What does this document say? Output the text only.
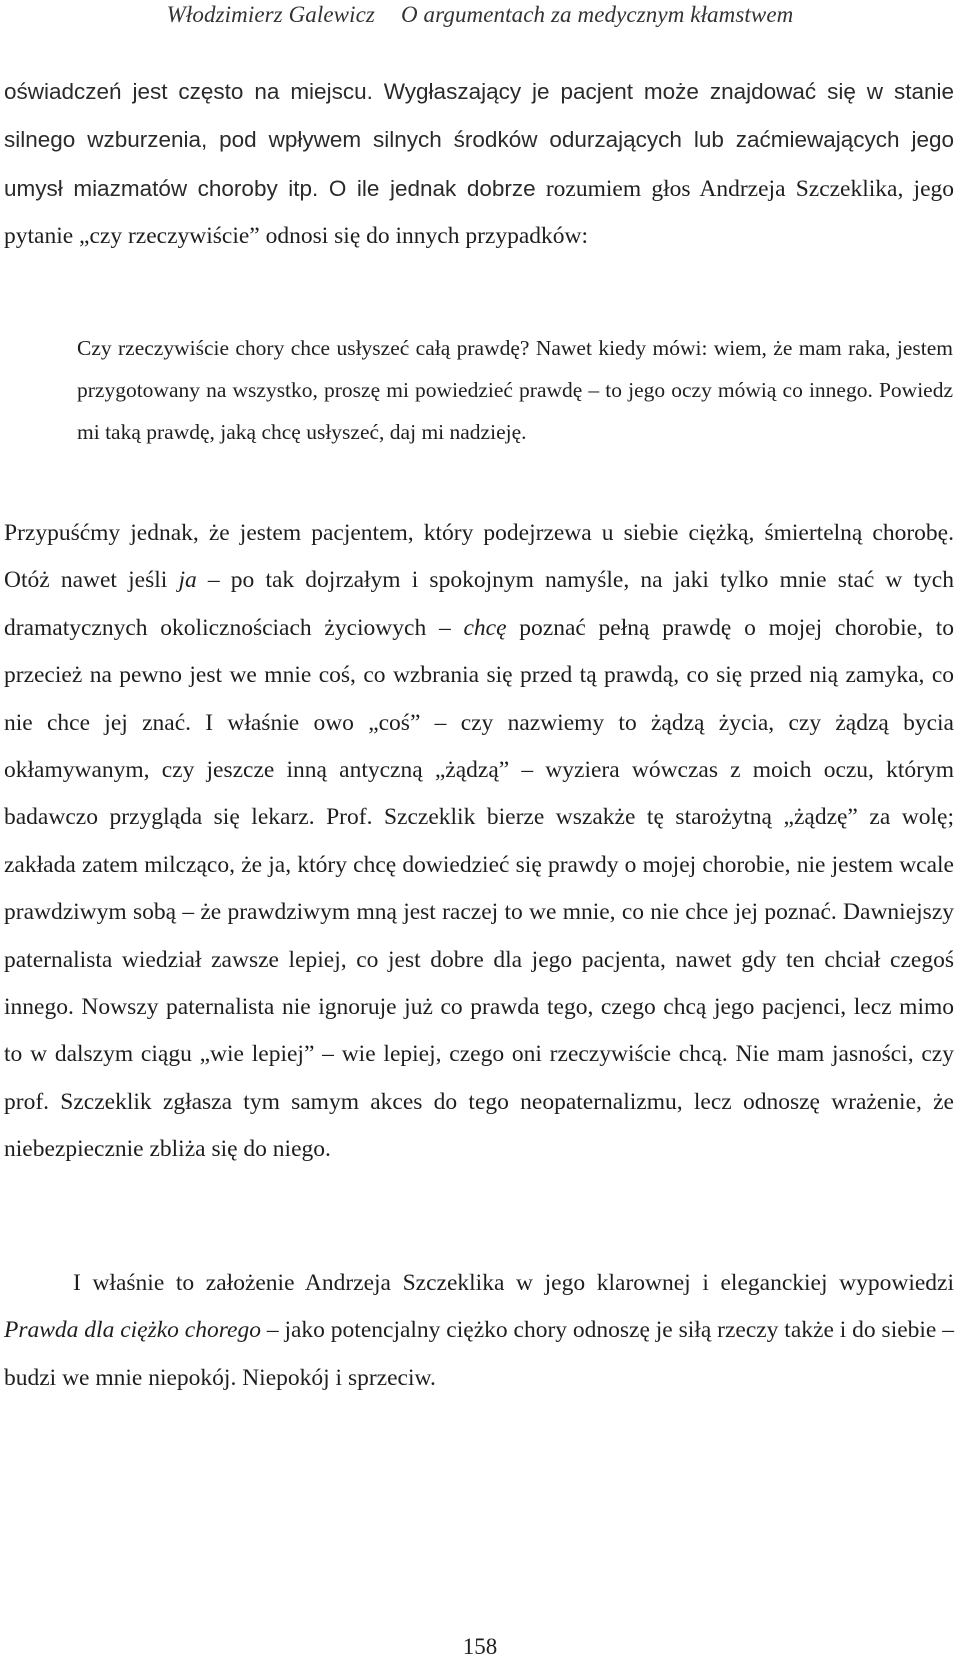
Włodzimierz Galewicz O argumentach za medycznym kłamstwem

oświadczeń jest często na miejscu. Wygłaszający je pacjent może znajdować się w stanie silnego wzburzenia, pod wpływem silnych środków odurzających lub zaćmiewających jego umysł miazmatów choroby itp. O ile jednak dobrze rozumiem głos Andrzeja Szczeklika, jego pytanie „czy rzeczywiście” odnosi się do innych przypadków:

Czy rzeczywiście chory chce usłyszeć całą prawdę? Nawet kiedy mówi: wiem, że mam raka, jestem przygotowany na wszystko, proszę mi powiedzieć prawdę – to jego oczy mówią co innego. Powiedz mi taką prawdę, jaką chcę usłyszeć, daj mi nadzieję.

Przypuśćmy jednak, że jestem pacjentem, który podejrzewa u siebie ciężką, śmiertelną chorobę. Otóż nawet jeśli ja – po tak dojrzałym i spokojnym namyśle, na jaki tylko mnie stać w tych dramatycznych okolicznościach życiowych – chcę poznać pełną prawdę o mojej chorobie, to przecież na pewno jest we mnie coś, co wzbrania się przed tą prawdą, co się przed nią zamyka, co nie chce jej znać. I właśnie owo „coś” – czy nazwiemy to żądzą życia, czy żądzą bycia okłamywanym, czy jeszcze inną antyczną „żądzą” – wyziera wówczas z moich oczu, którym badawczo przygląda się lekarz. Prof. Szczeklik bierze wszakże tę starożytną „żądzę” za wolę; zakłada zatem milcząco, że ja, który chcę dowiedzieć się prawdy o mojej chorobie, nie jestem wcale prawdziwym sobą – że prawdziwym mną jest raczej to we mnie, co nie chce jej poznać. Dawniejszy paternalista wiedział zawsze lepiej, co jest dobre dla jego pacjenta, nawet gdy ten chciał czegoś innego. Nowszy paternalista nie ignoruje już co prawda tego, czego chcą jego pacjenci, lecz mimo to w dalszym ciągu „wie lepiej” – wie lepiej, czego oni rzeczywiście chcą. Nie mam jasności, czy prof. Szczeklik zgłasza tym samym akces do tego neopaternalizmu, lecz odnoszę wrażenie, że niebezpiecznie zbliża się do niego.

I właśnie to założenie Andrzeja Szczeklika w jego klarownej i eleganckiej wypowiedzi Prawda dla ciężko chorego – jako potencjalny ciężko chory odnoszę je siłą rzeczy także i do siebie – budzi we mnie niepokój. Niepokój i sprzeciw.

158
